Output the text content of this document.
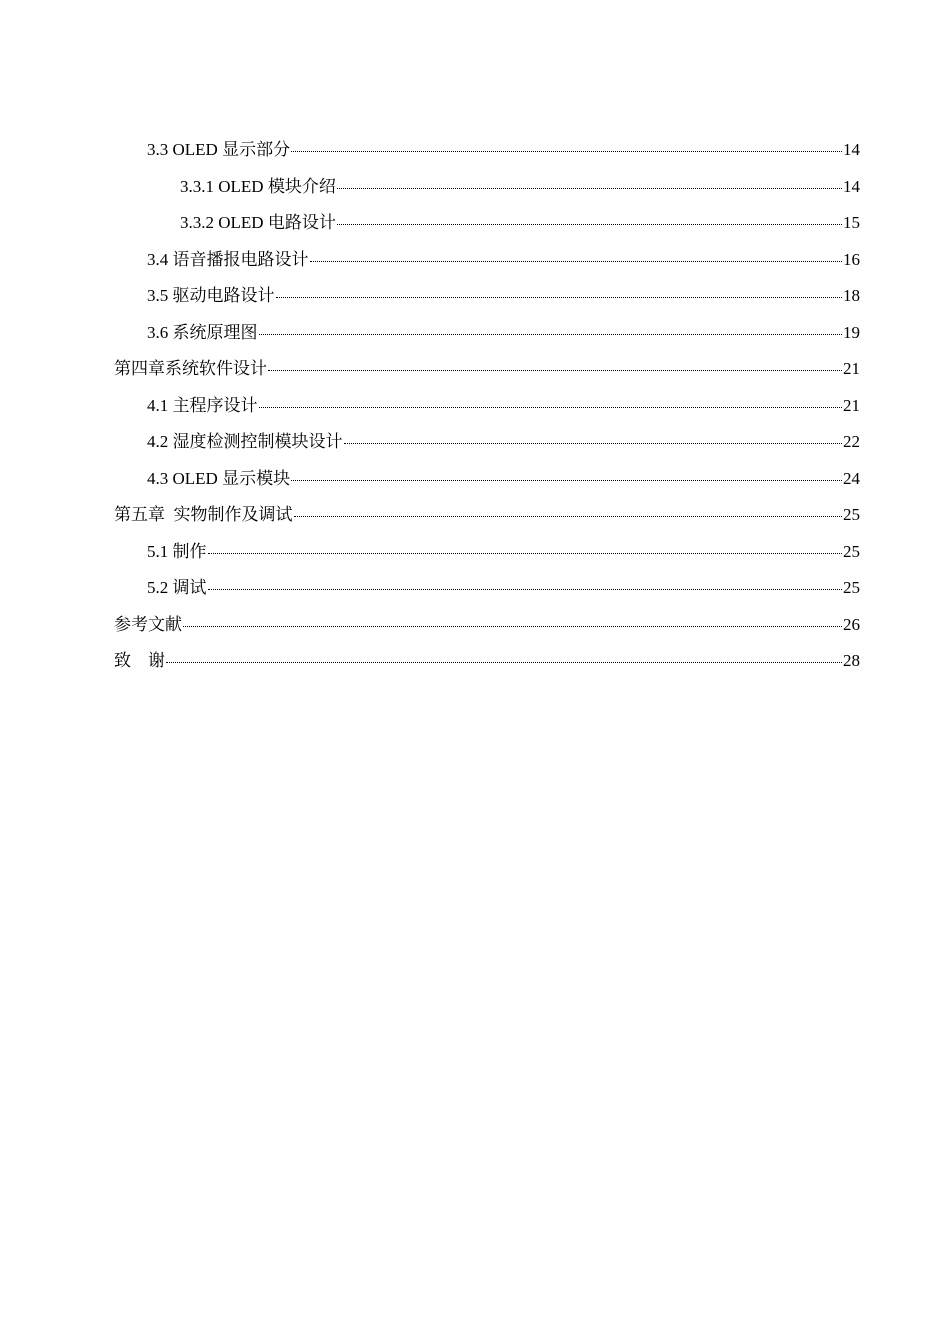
3.3 OLED 显示部分	14
3.3.1 OLED 模块介绍	14
3.3.2 OLED 电路设计	15
3.4 语音播报电路设计	16
3.5 驱动电路设计	18
3.6 系统原理图	19
第四章系统软件设计	21
4.1 主程序设计	21
4.2 湿度检测控制模块设计	22
4.3 OLED 显示模块	24
第五章  实物制作及调试	25
5.1 制作	25
5.2 调试	25
参考文献	26
致    谢	28
